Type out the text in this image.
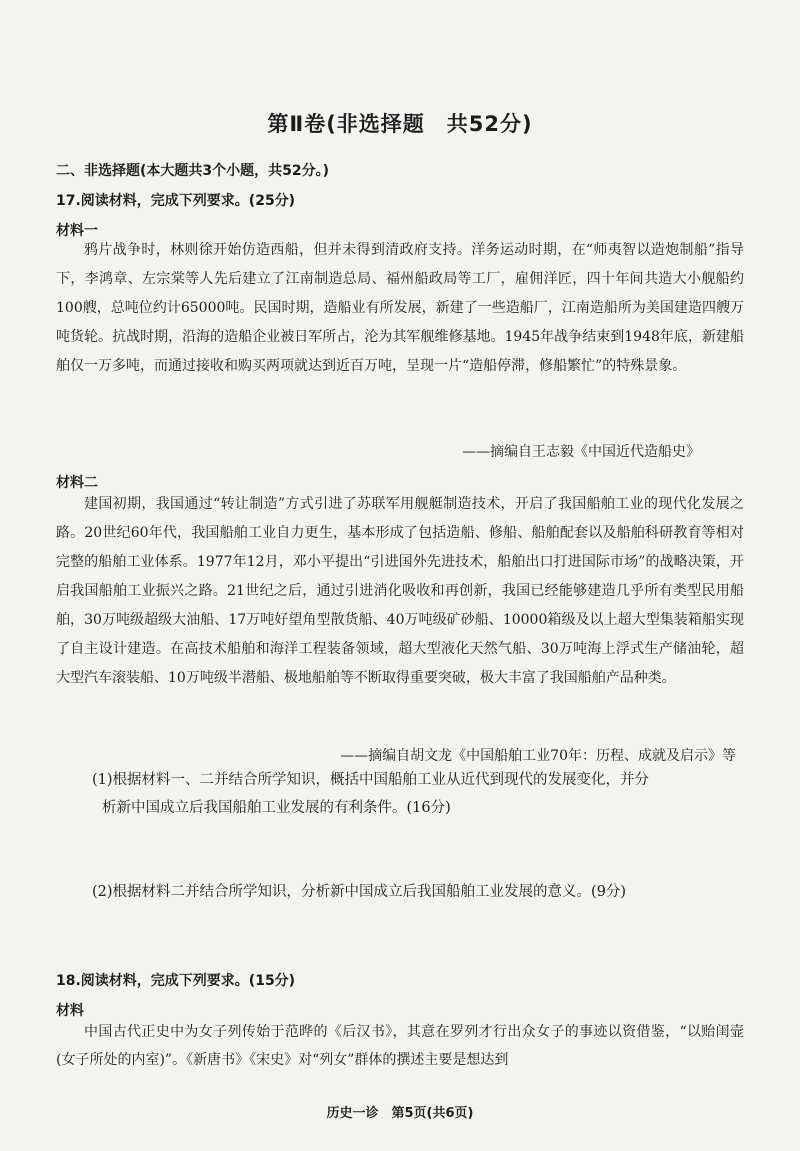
第Ⅱ卷(非选择题　共52分)
二、非选择题(本大题共3个小题，共52分。)
17.阅读材料，完成下列要求。(25分)
材料一
鸦片战争时，林则徐开始仿造西船，但并未得到清政府支持。洋务运动时期，在“师夷智以造炮制船”指导下，李鸿章、左宗棠等人先后建立了江南制造总局、福州船政局等工厂，雇佣洋匠，四十年间共造大小舰船约100艘，总吨位约计65000吨。民国时期，造船业有所发展，新建了一些造船厂，江南造船所为美国建造四艘万吨货轮。抗战时期，沿海的造船企业被日军所占，沦为其军舰维修基地。1945年战争结束到1948年底，新建船舶仅一万多吨，而通过接收和购买两项就达到近百万吨，呈现一片“造船停滞，修船繁忙”的特殊景象。
——摘编自王志毅《中国近代造船史》
材料二
建国初期，我国通过“转让制造”方式引进了苏联军用舰艇制造技术，开启了我国船舶工业的现代化发展之路。20世纪60年代，我国船舶工业自力更生，基本形成了包括造船、修船、船舶配套以及船舶科研教育等相对完整的船舶工业体系。1977年12月，邓小平提出“引进国外先进技术，船舶出口打进国际市场”的战略决策，开启我国船舶工业振兴之路。21世纪之后，通过引进消化吸收和再创新，我国已经能够建造几乎所有类型民用船舶，30万吨级超级大油船、17万吨好望角型散货船、40万吨级矿砂船、10000箱级及以上超大型集装箱船实现了自主设计建造。在高技术船舶和海洋工程装备领域，超大型液化天然气船、30万吨海上浮式生产储油轮，超大型汽车滚装船、10万吨级半潜船、极地船舶等不断取得重要突破，极大丰富了我国船舶产品种类。
——摘编自胡文龙《中国船舶工业70年：历程、成就及启示》等
(1)根据材料一、二并结合所学知识，概括中国船舶工业从近代到现代的发展变化，并分
析新中国成立后我国船舶工业发展的有利条件。(16分)
(2)根据材料二并结合所学知识，分析新中国成立后我国船舶工业发展的意义。(9分)
18.阅读材料，完成下列要求。(15分)
材料
中国古代正史中为女子列传始于范晔的《后汉书》，其意在罗列才行出众女子的事迹以资借鉴，“以贻闺壸(女子所处的内室)”。《新唐书》《宋史》对“列女”群体的撰述主要是想达到
历史一诊　第5页(共6页)
